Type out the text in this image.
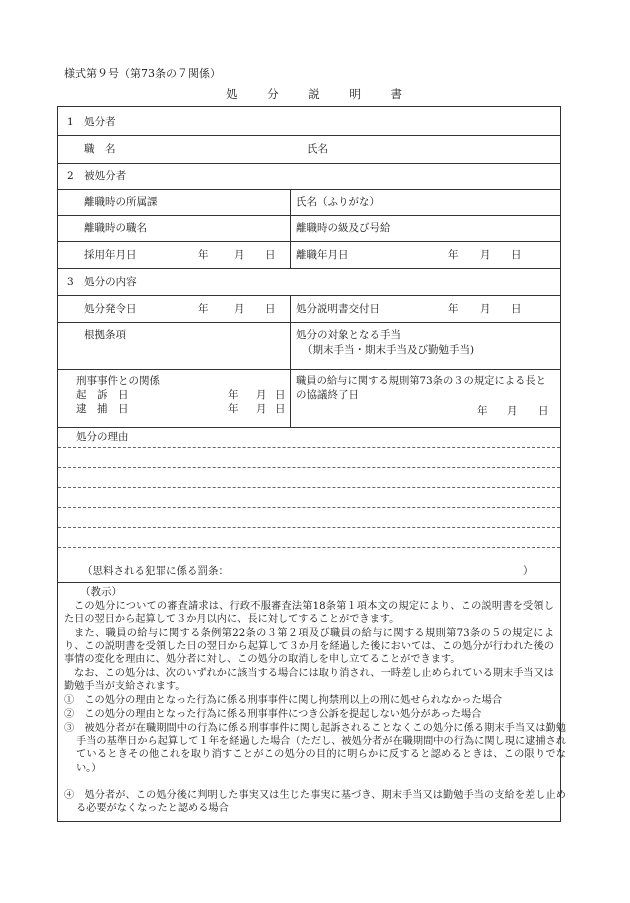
様式第９号（第73条の７関係）
処 分 説 明 書
1　処分者
職　名	氏名
2　被処分者
離職時の所属課	氏名（ふりがな）
離職時の職名	離職時の級及び号給
採用年月日	年 月 日 離職年月日	年 月 日
3　処分の内容
処分発令日	年 月 日 処分説明書交付日	年 月 日
根拠条項	処分の対象となる手当
（期末手当・期末手当及び勤勉手当)
刑事事件との関係
起　訴　日	年 月 日
逮　捕　日	年 月 日
職員の給与に関する規則第73条の３の規定による長と
の協議終了日
年 月 日
処分の理由
（思料される犯罪に係る罰条：	）
（教示）
この処分についての審査請求は、行政不服審査法第18条第１項本文の規定により、この説明書を受領した日の翌日から起算して３か月以内に、長に対してすることができます。
また、職員の給与に関する条例第22条の３第２項及び職員の給与に関する規則第73条の５の規定により、この説明書を受領した日の翌日から起算して３か月を経過した後においては、この処分が行われた後の事情の変化を理由に、処分者に対し、この処分の取消しを申し立てることができます。
なお、この処分は、次のいずれかに該当する場合には取り消され、一時差し止められている期末手当又は勤勉手当が支給されます。
①　この処分の理由となった行為に係る刑事事件に関し拘禁刑以上の刑に処せられなかった場合
②　この処分の理由となった行為に係る刑事事件につき公訴を提起しない処分があった場合
③　被処分者が在職期間中の行為に係る刑事事件に関し起訴されることなくこの処分に係る期末手当又は勤勉手当の基準日から起算して１年を経過した場合（ただし、被処分者が在職期間中の行為に関し現に逮捕されているときその他これを取り消すことがこの処分の目的に明らかに反すると認めるときは、この限りでない。）
④　処分者が、この処分後に判明した事実又は生じた事実に基づき、期末手当又は勤勉手当の支給を差し止める必要がなくなったと認める場合
